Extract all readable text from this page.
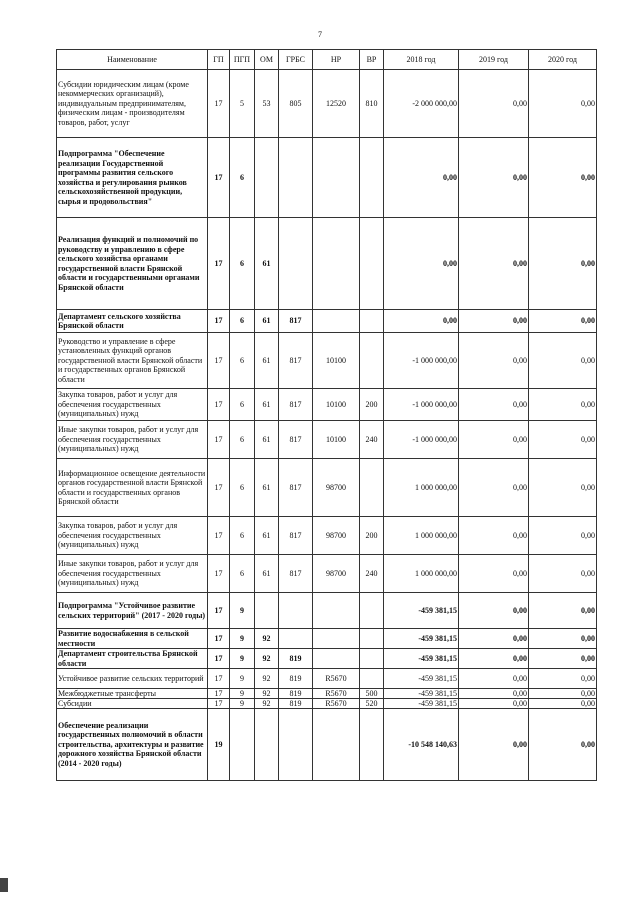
7
Наименование	ГП	ПГП	ОМ	ГРБС	НР	ВР	2018 год	2019 год	2020 год
Субсидии юридическим лицам (кроме некоммерческих организаций), индивидуальным предпринимателям, физическим лицам - производителям товаров, работ, услуг	17	5	53	805	12520	810	-2 000 000,00	0,00	0,00
Подпрограмма "Обеспечение реализации Государственной программы развития сельского хозяйства и регулирования рынков сельскохозяйственной продукции, сырья и продовольствия"	17	6					0,00	0,00	0,00
Реализация функций и полномочий по руководству и управлению в сфере сельского хозяйства органами государственной власти Брянской области и государственными органами Брянской области	17	6	61				0,00	0,00	0,00
Департамент сельского хозяйства Брянской области	17	6	61	817			0,00	0,00	0,00
Руководство и управление в сфере установленных функций органов государственной власти Брянской области и государственных органов Брянской области	17	6	61	817	10100		-1 000 000,00	0,00	0,00
Закупка товаров, работ и услуг для обеспечения государственных (муниципальных) нужд	17	6	61	817	10100	200	-1 000 000,00	0,00	0,00
Иные закупки товаров, работ и услуг для обеспечения государственных (муниципальных) нужд	17	6	61	817	10100	240	-1 000 000,00	0,00	0,00
Информационное освещение деятельности органов государственной власти Брянской области и государственных органов Брянской области	17	6	61	817	98700		1 000 000,00	0,00	0,00
Закупка товаров, работ и услуг для обеспечения государственных (муниципальных) нужд	17	6	61	817	98700	200	1 000 000,00	0,00	0,00
Иные закупки товаров, работ и услуг для обеспечения государственных (муниципальных) нужд	17	6	61	817	98700	240	1 000 000,00	0,00	0,00
Подпрограмма "Устойчивое развитие сельских территорий" (2017 - 2020 годы)	17	9					-459 381,15	0,00	0,00
Развитие водоснабжения в сельской местности	17	9	92				-459 381,15	0,00	0,00
Департамент строительства Брянской области	17	9	92	819			-459 381,15	0,00	0,00
Устойчивое развитие сельских территорий	17	9	92	819	R5670		-459 381,15	0,00	0,00
Межбюджетные трансферты	17	9	92	819	R5670	500	-459 381,15	0,00	0,00
Субсидии	17	9	92	819	R5670	520	-459 381,15	0,00	0,00
Обеспечение реализации государственных полномочий в области строительства, архитектуры и развитие дорожного хозяйства Брянской области (2014 - 2020 годы)	19						-10 548 140,63	0,00	0,00
